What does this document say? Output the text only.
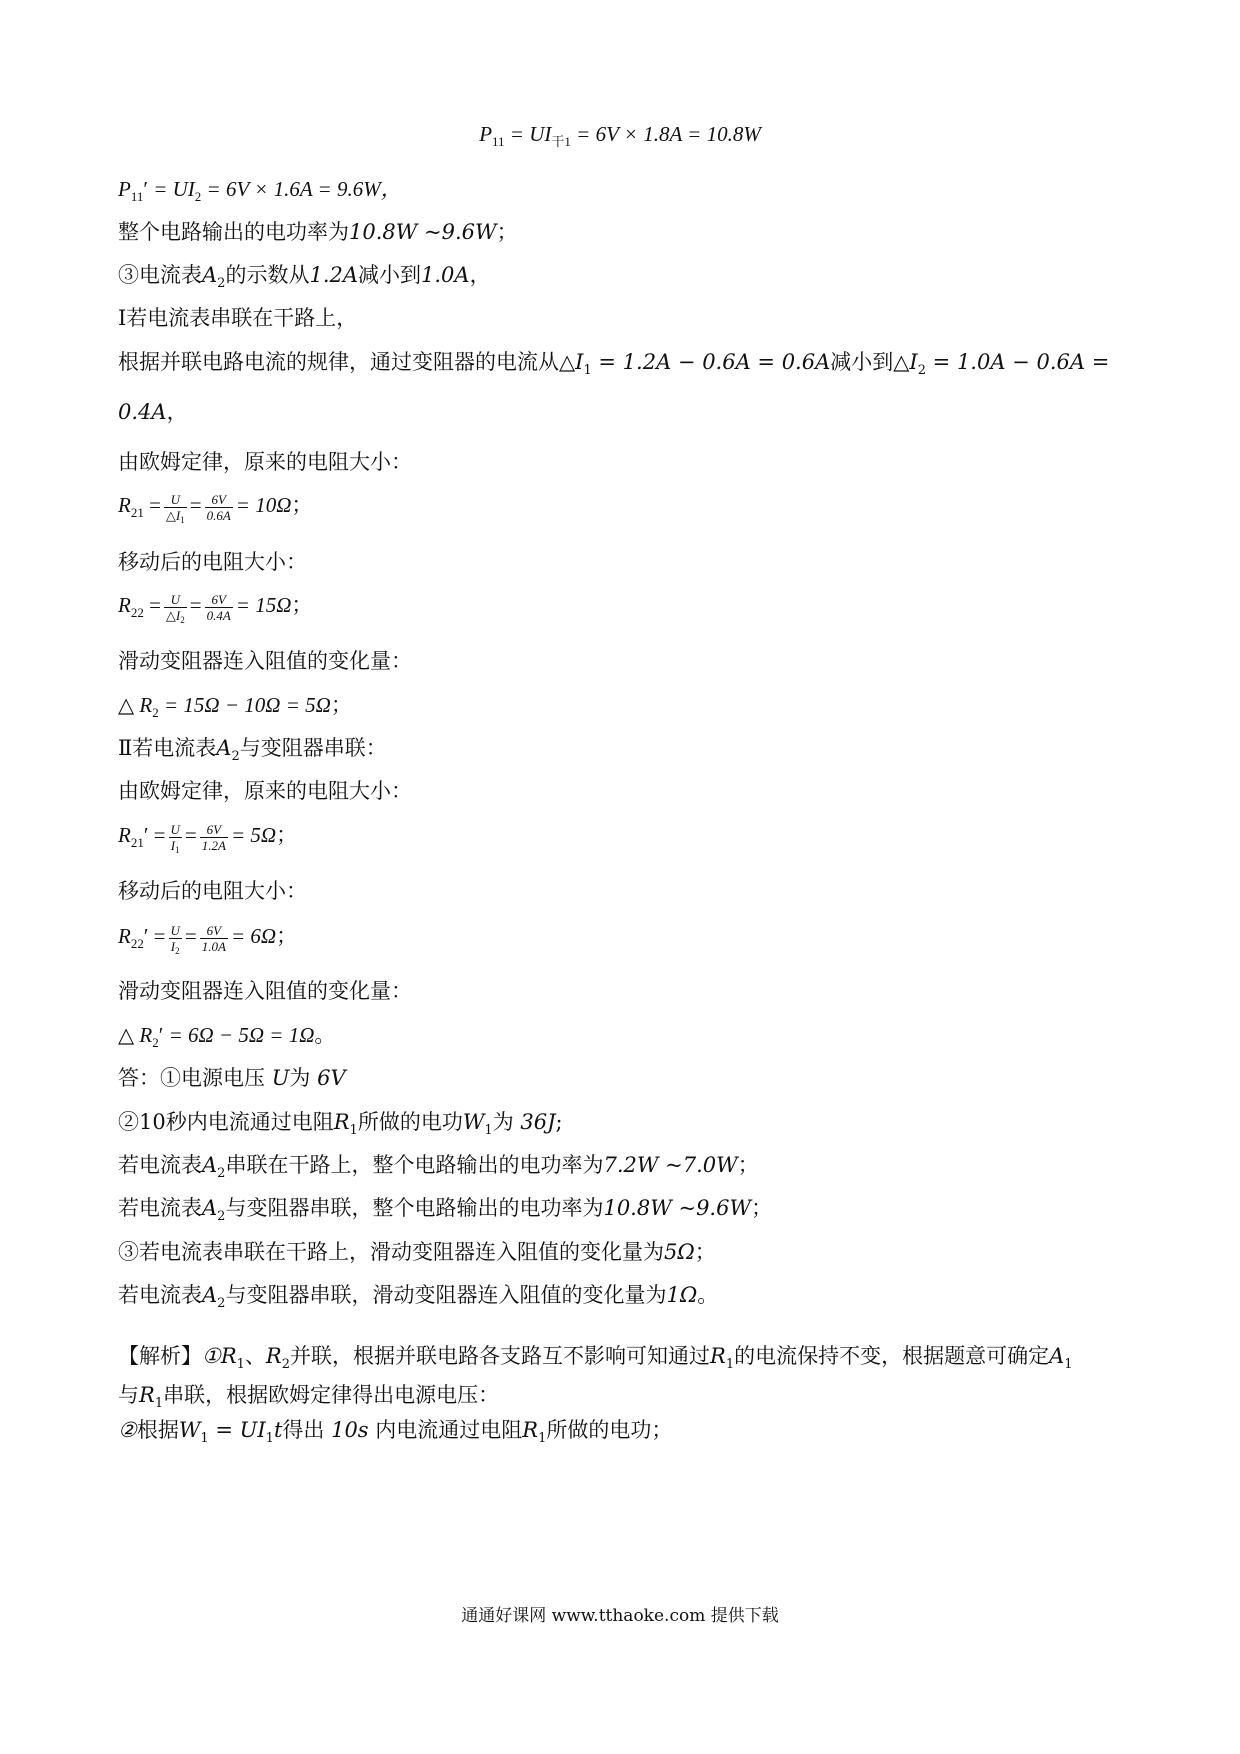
$P_{11} = UI_{干1} = 6V \times 1.8A = 10.8W$
$P_{11}' = UI_2 = 6V \times 1.6A = 9.6W$，
整个电路输出的电功率为10.8W ~9.6W；
③电流表$A_2$的示数从1.2A减小到1.0A，
Ⅰ若电流表串联在干路上，
根据并联电路电流的规律，通过变阻器的电流从$\triangle I_1 = 1.2A - 0.6A = 0.6A$减小到$\triangle I_2 = 1.0A - 0.6A$ =
0.4A，
由欧姆定律，原来的电阻大小：
$R_{21} = \frac{U}{\triangle I_1} = \frac{6V}{0.6A} = 10\Omega$；
移动后的电阻大小：
$R_{22} = \frac{U}{\triangle I_2} = \frac{6V}{0.4A} = 15\Omega$；
滑动变阻器连入阻值的变化量：
△ $R_2 = 15\Omega - 10\Omega = 5\Omega$；
Ⅱ若电流表$A_2$与变阻器串联：
由欧姆定律，原来的电阻大小：
$R_{21}' = \frac{U}{I_1} = \frac{6V}{1.2A} = 5\Omega$；
移动后的电阻大小：
$R_{22}' = \frac{U}{I_2} = \frac{6V}{1.0A} = 6\Omega$；
滑动变阻器连入阻值的变化量：
△ $R_2' = 6\Omega - 5\Omega = 1\Omega$。
答：①电源电压 U为 6V
②10秒内电流通过电阻$R_1$所做的电功$W_1$为 36J;
若电流表$A_2$串联在干路上，整个电路输出的电功率为7.2W ~7.0W；
若电流表$A_2$与变阻器串联，整个电路输出的电功率为10.8W ~9.6W；
③若电流表串联在干路上，滑动变阻器连入阻值的变化量为5Ω；
若电流表$A_2$与变阻器串联，滑动变阻器连入阻值的变化量为1Ω。
【解析】$①R_1$、$R_2$并联，根据并联电路各支路互不影响可知通过$R_1$的电流保持不变，根据题意可确定$A_1$
与$R_1$串联，根据欧姆定律得出电源电压：
②根据$W_1 = UI_1t$得出 10s 内电流通过电阻$R_1$所做的电功；
通通好课网 www.tthaoke.com 提供下载
